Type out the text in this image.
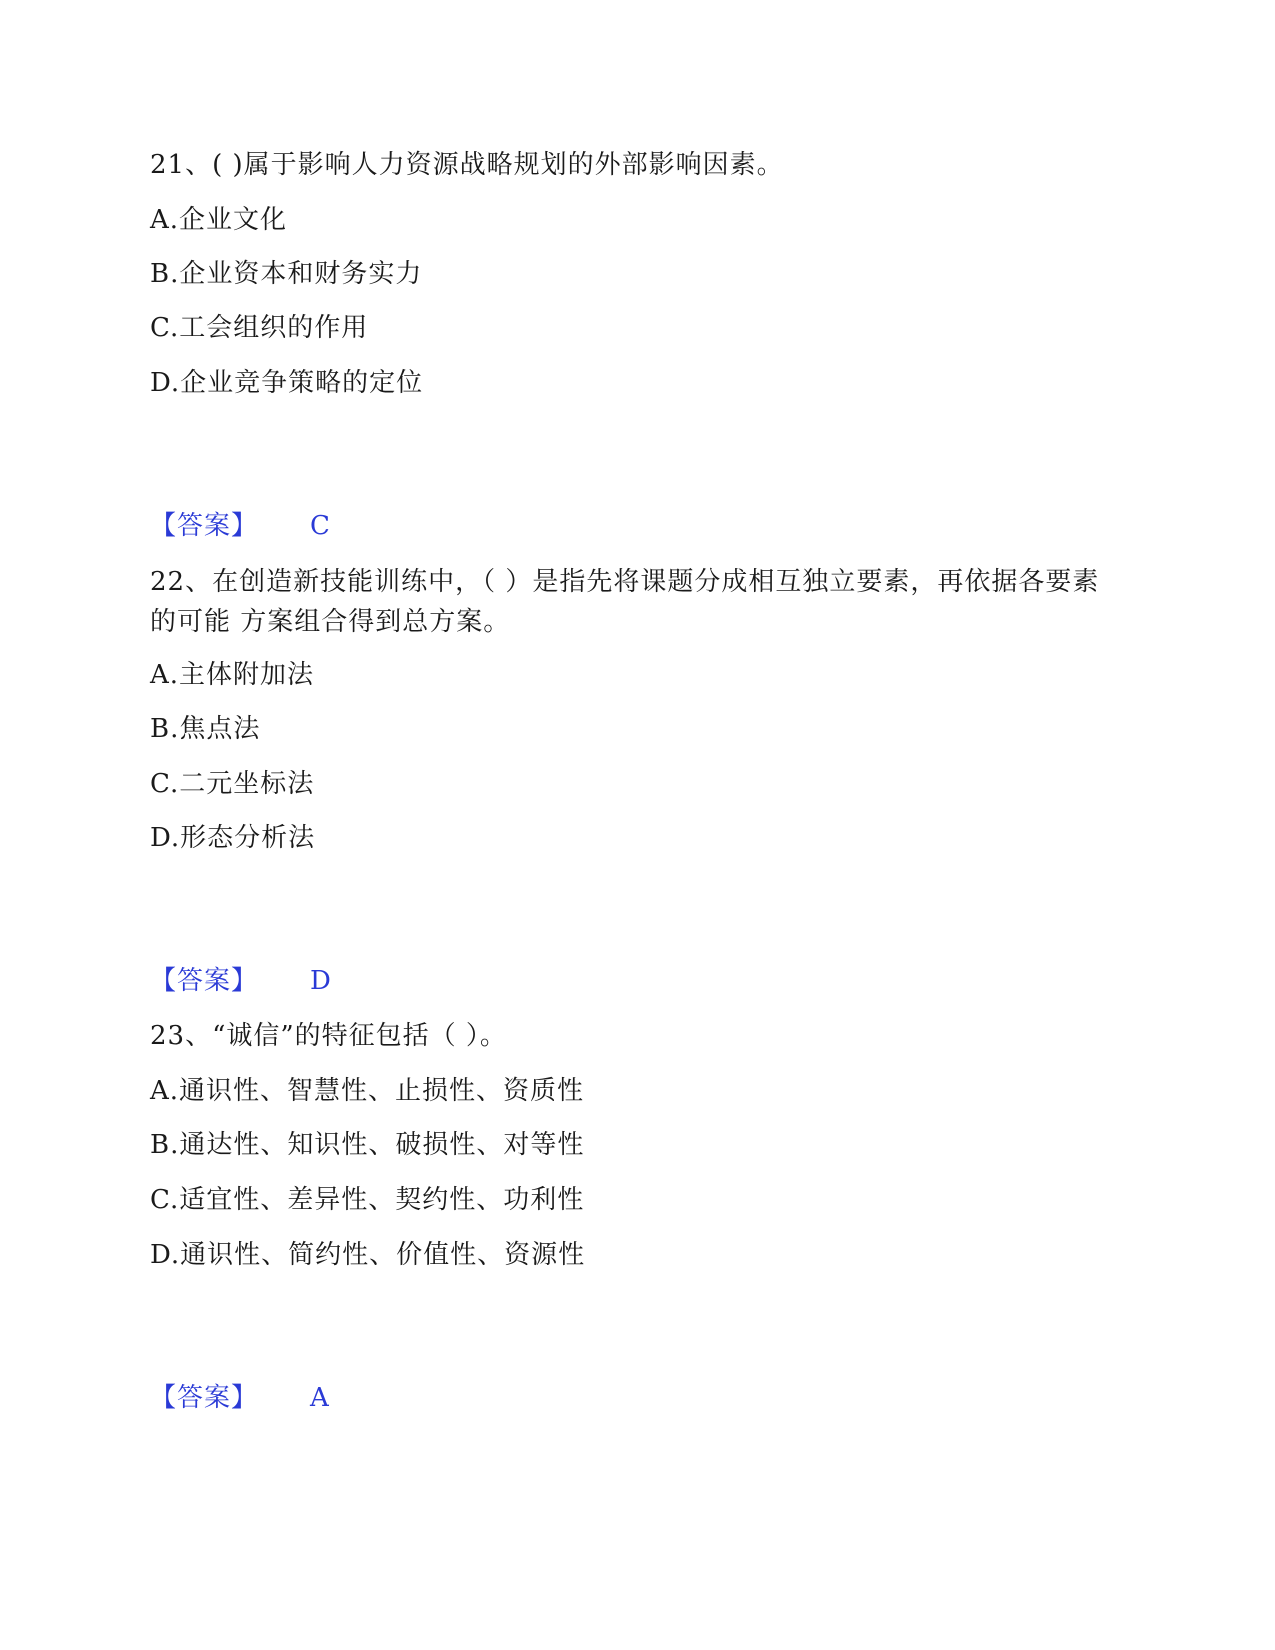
21、( )属于影响人力资源战略规划的外部影响因素。
A.企业文化
B.企业资本和财务实力
C.工会组织的作用
D.企业竞争策略的定位
【答案】 C
22、在创造新技能训练中，（ ）是指先将课题分成相互独立要素，再依据各要素的可能 方案组合得到总方案。
A.主体附加法
B.焦点法
C.二元坐标法
D.形态分析法
【答案】 D
23、“诚信”的特征包括（ ）。
A.通识性、智慧性、止损性、资质性
B.通达性、知识性、破损性、对等性
C.适宜性、差异性、契约性、功利性
D.通识性、简约性、价值性、资源性
【答案】 A
